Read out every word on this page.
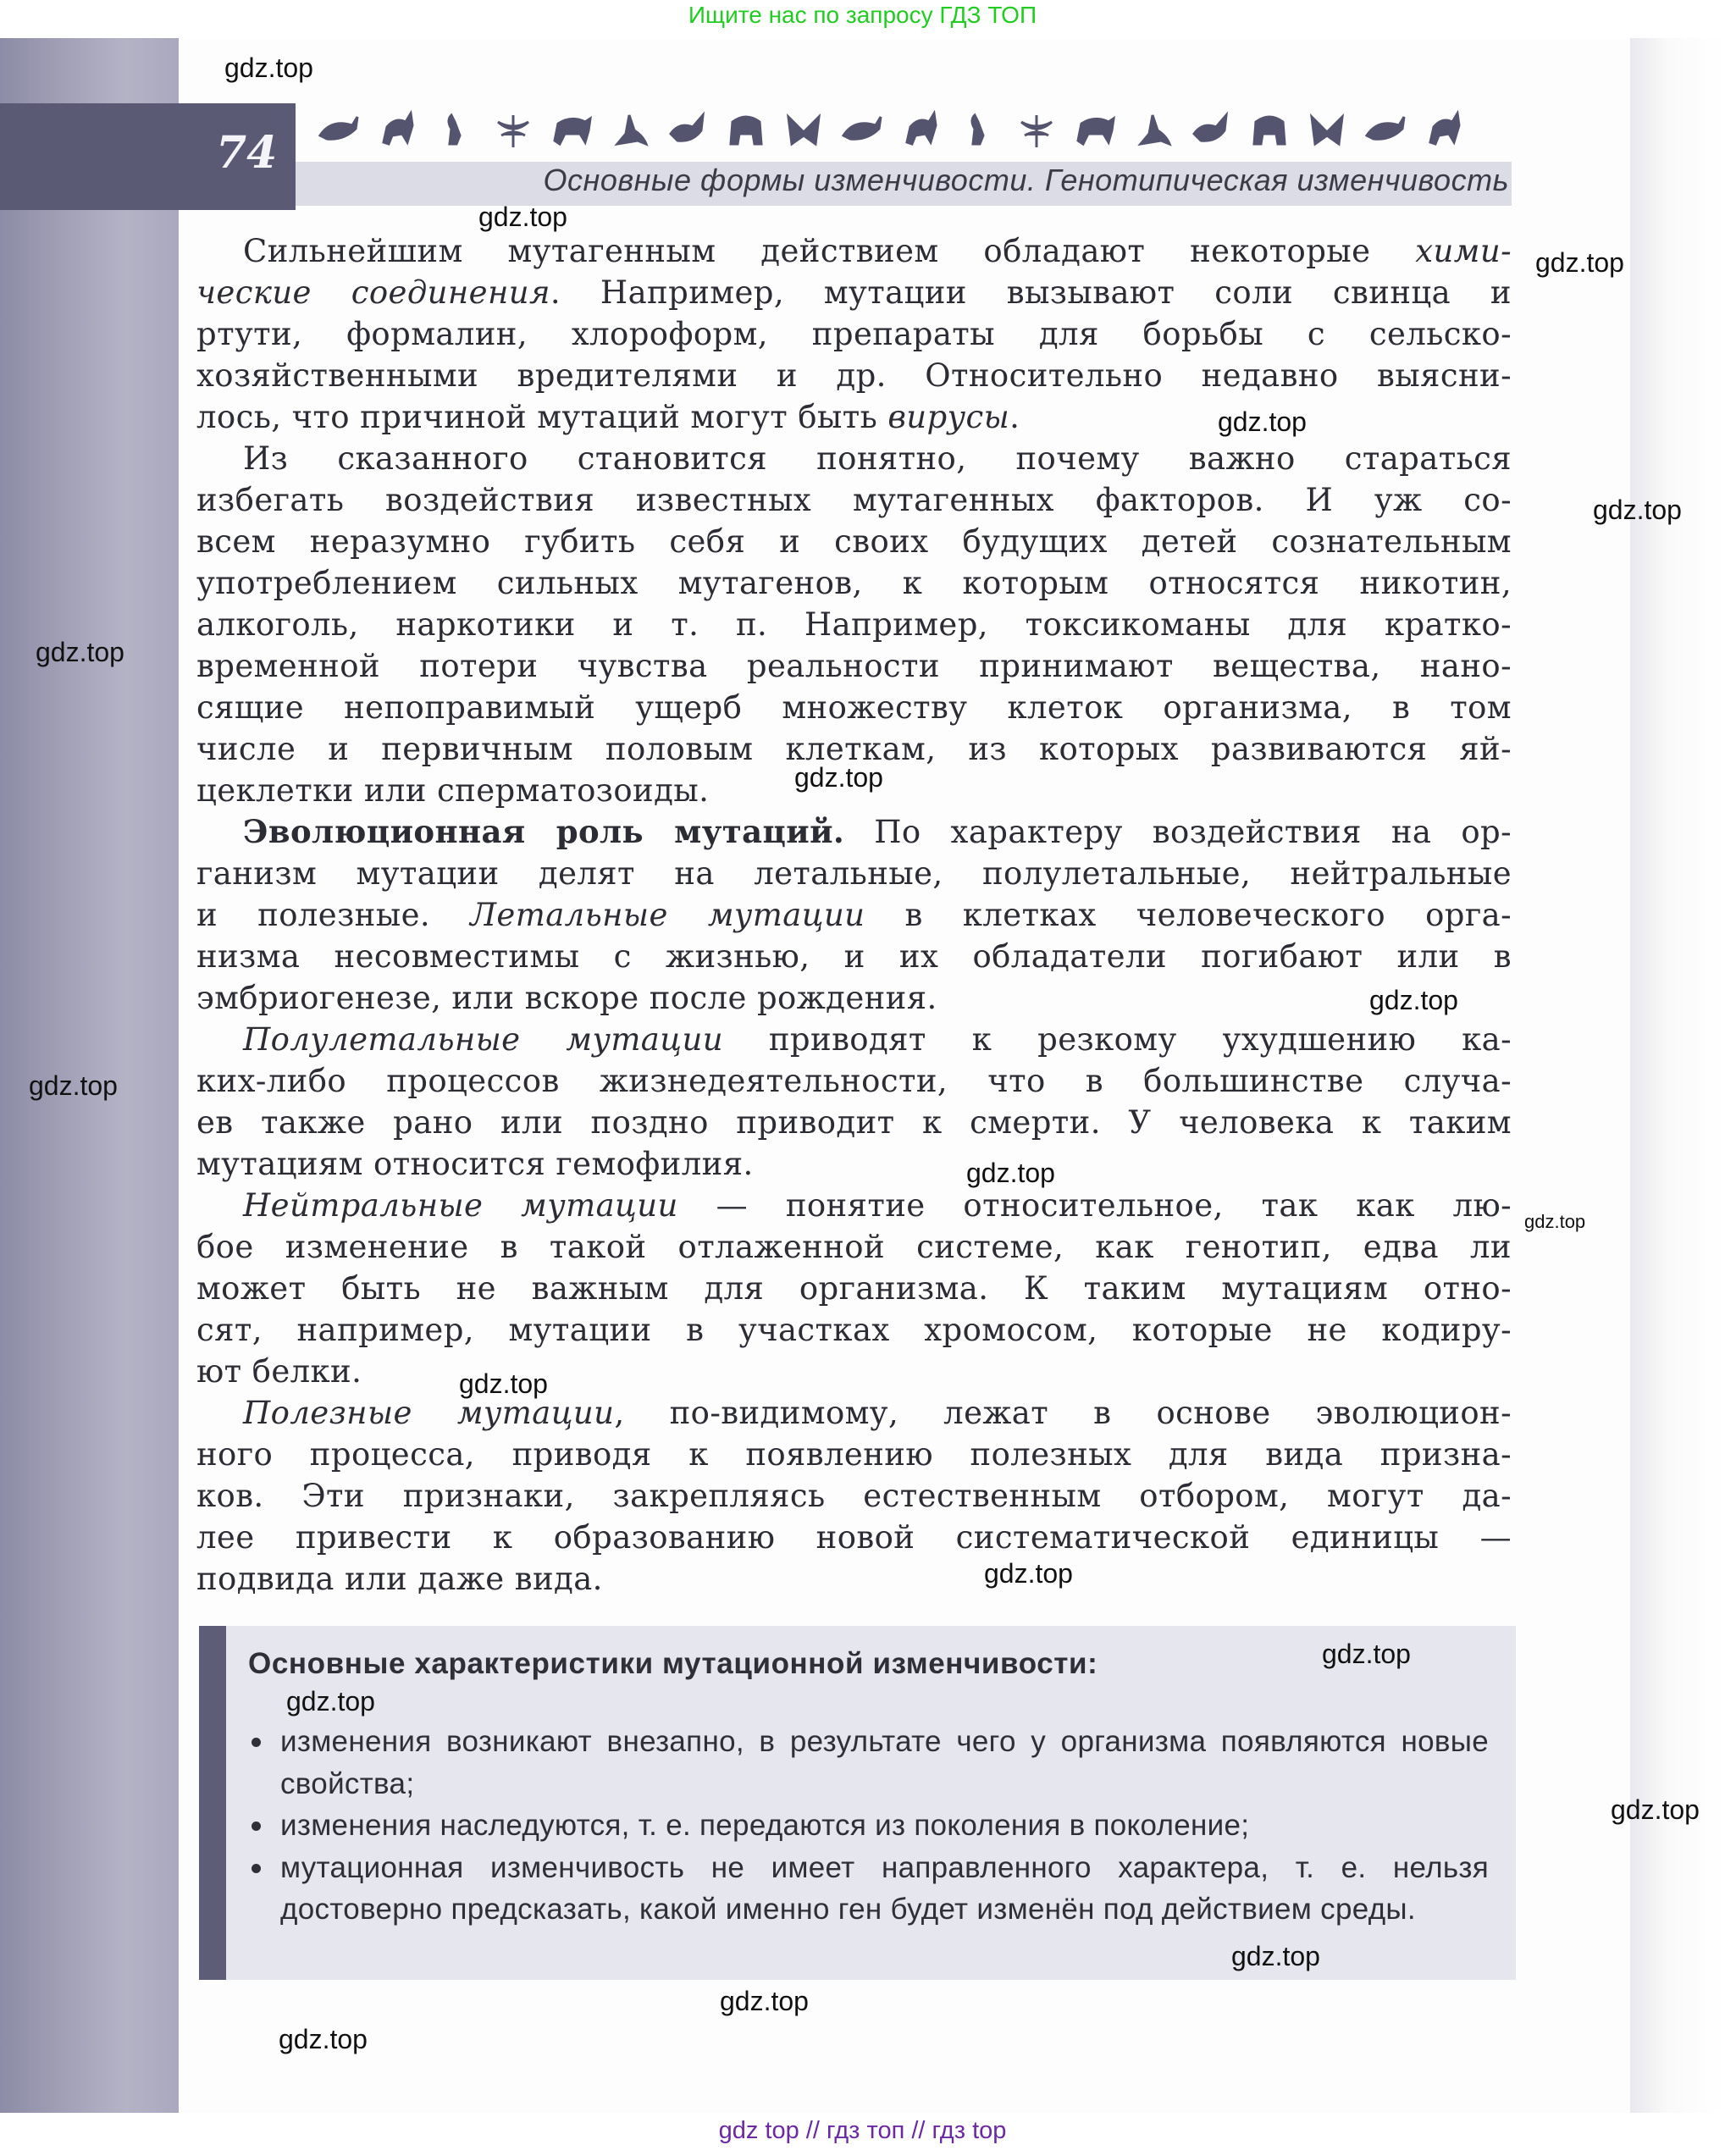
Ищите нас по запросу ГДЗ ТОП
74
Основные формы изменчивости. Генотипическая изменчивость
Сильнейшим мутагенным действием обладают некоторые хими-
ческие соединения. Например, мутации вызывают соли свинца и
ртути, формалин, хлороформ, препараты для борьбы с сельско-
хозяйственными вредителями и др. Относительно недавно выясни-
лось, что причиной мутаций могут быть вирусы.
Из сказанного становится понятно, почему важно стараться
избегать воздействия известных мутагенных факторов. И уж со-
всем неразумно губить себя и своих будущих детей сознательным
употреблением сильных мутагенов, к которым относятся никотин,
алкоголь, наркотики и т. п. Например, токсикоманы для кратко-
временной потери чувства реальности принимают вещества, нано-
сящие непоправимый ущерб множеству клеток организма, в том
числе и первичным половым клеткам, из которых развиваются яй-
цеклетки или сперматозоиды.
Эволюционная роль мутаций. По характеру воздействия на ор-
ганизм мутации делят на летальные, полулетальные, нейтральные
и полезные. Летальные мутации в клетках человеческого орга-
низма несовместимы с жизнью, и их обладатели погибают или в
эмбриогенезе, или вскоре после рождения.
Полулетальные мутации приводят к резкому ухудшению ка-
ких-либо процессов жизнедеятельности, что в большинстве случа-
ев также рано или поздно приводит к смерти. У человека к таким
мутациям относится гемофилия.
Нейтральные мутации — понятие относительное, так как лю-
бое изменение в такой отлаженной системе, как генотип, едва ли
может быть не важным для организма. К таким мутациям отно-
сят, например, мутации в участках хромосом, которые не кодиру-
ют белки.
Полезные мутации, по-видимому, лежат в основе эволюцион-
ного процесса, приводя к появлению полезных для вида призна-
ков. Эти признаки, закрепляясь естественным отбором, могут да-
лее привести к образованию новой систематической единицы —
подвида или даже вида.
Основные характеристики мутационной изменчивости:
изменения возникают внезапно, в результате чего у организма появляются новые свойства;
изменения наследуются, т. е. передаются из поколения в поколение;
мутационная изменчивость не имеет направленного характера, т. е. нельзя достоверно предсказать, какой именно ген будет изменён под действием среды.
gdz.top
gdz.top
gdz.top
gdz.top
gdz.top
gdz.top
gdz.top
gdz.top
gdz.top
gdz.top
gdz.top
gdz.top
gdz.top
gdz.top
gdz.top
gdz.top
gdz.top
gdz.top
gdz.top
gdz top // гдз топ // гдз top
